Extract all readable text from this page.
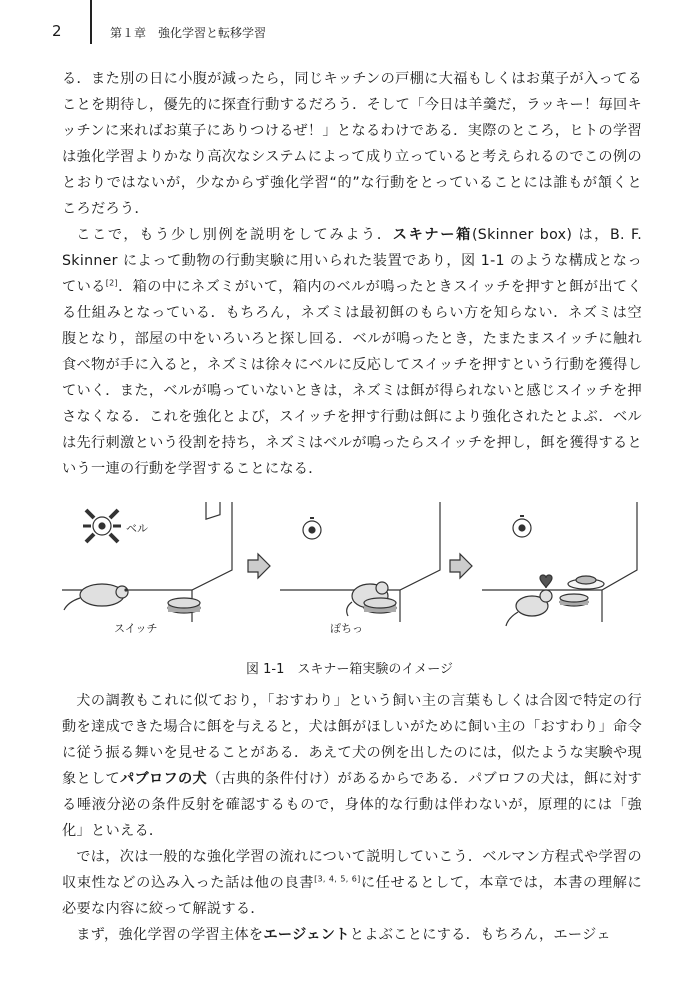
2	第１章　強化学習と転移学習

る．また別の日に小腹が減ったら，同じキッチンの戸棚に大福もしくはお菓子が入ってることを期待し，優先的に探査行動するだろう．そして「今日は羊羹だ，ラッキー！毎回キッチンに来ればお菓子にありつけるぜ！」となるわけである．実際のところ，ヒトの学習は強化学習よりかなり高次なシステムによって成り立っていると考えられるのでこの例のとおりではないが，少なからず強化学習“的”な行動をとっていることには誰もが頷くところだろう．

ここで，もう少し別例を説明をしてみよう．スキナー箱(Skinner box) は，B. F. Skinner によって動物の行動実験に用いられた装置であり，図 1-1 のような構成となっている[2]．箱の中にネズミがいて，箱内のベルが鳴ったときスイッチを押すと餌が出てくる仕組みとなっている．もちろん，ネズミは最初餌のもらい方を知らない．ネズミは空腹となり，部屋の中をいろいろと探し回る．ベルが鳴ったとき，たまたまスイッチに触れ食べ物が手に入ると，ネズミは徐々にベルに反応してスイッチを押すという行動を獲得していく．また，ベルが鳴っていないときは，ネズミは餌が得られないと感じスイッチを押さなくなる．これを強化とよび，スイッチを押す行動は餌により強化されたとよぶ．ベルは先行刺激という役割を持ち，ネズミはベルが鳴ったらスイッチを押し，餌を獲得するという一連の行動を学習することになる．

ベル
スイッチ	ぽちっ
図 1-1　スキナー箱実験のイメージ

犬の調教もこれに似ており，「おすわり」という飼い主の言葉もしくは合図で特定の行動を達成できた場合に餌を与えると，犬は餌がほしいがために飼い主の「おすわり」命令に従う振る舞いを見せることがある．あえて犬の例を出したのには，似たような実験や現象としてパブロフの犬（古典的条件付け）があるからである．パブロフの犬は，餌に対する唾液分泌の条件反射を確認するもので，身体的な行動は伴わないが，原理的には「強化」といえる．

では，次は一般的な強化学習の流れについて説明していこう．ベルマン方程式や学習の収束性などの込み入った話は他の良書[3, 4, 5, 6]に任せるとして，本章では，本書の理解に必要な内容に絞って解説する．

まず，強化学習の学習主体をエージェントとよぶことにする．もちろん，エージェ
